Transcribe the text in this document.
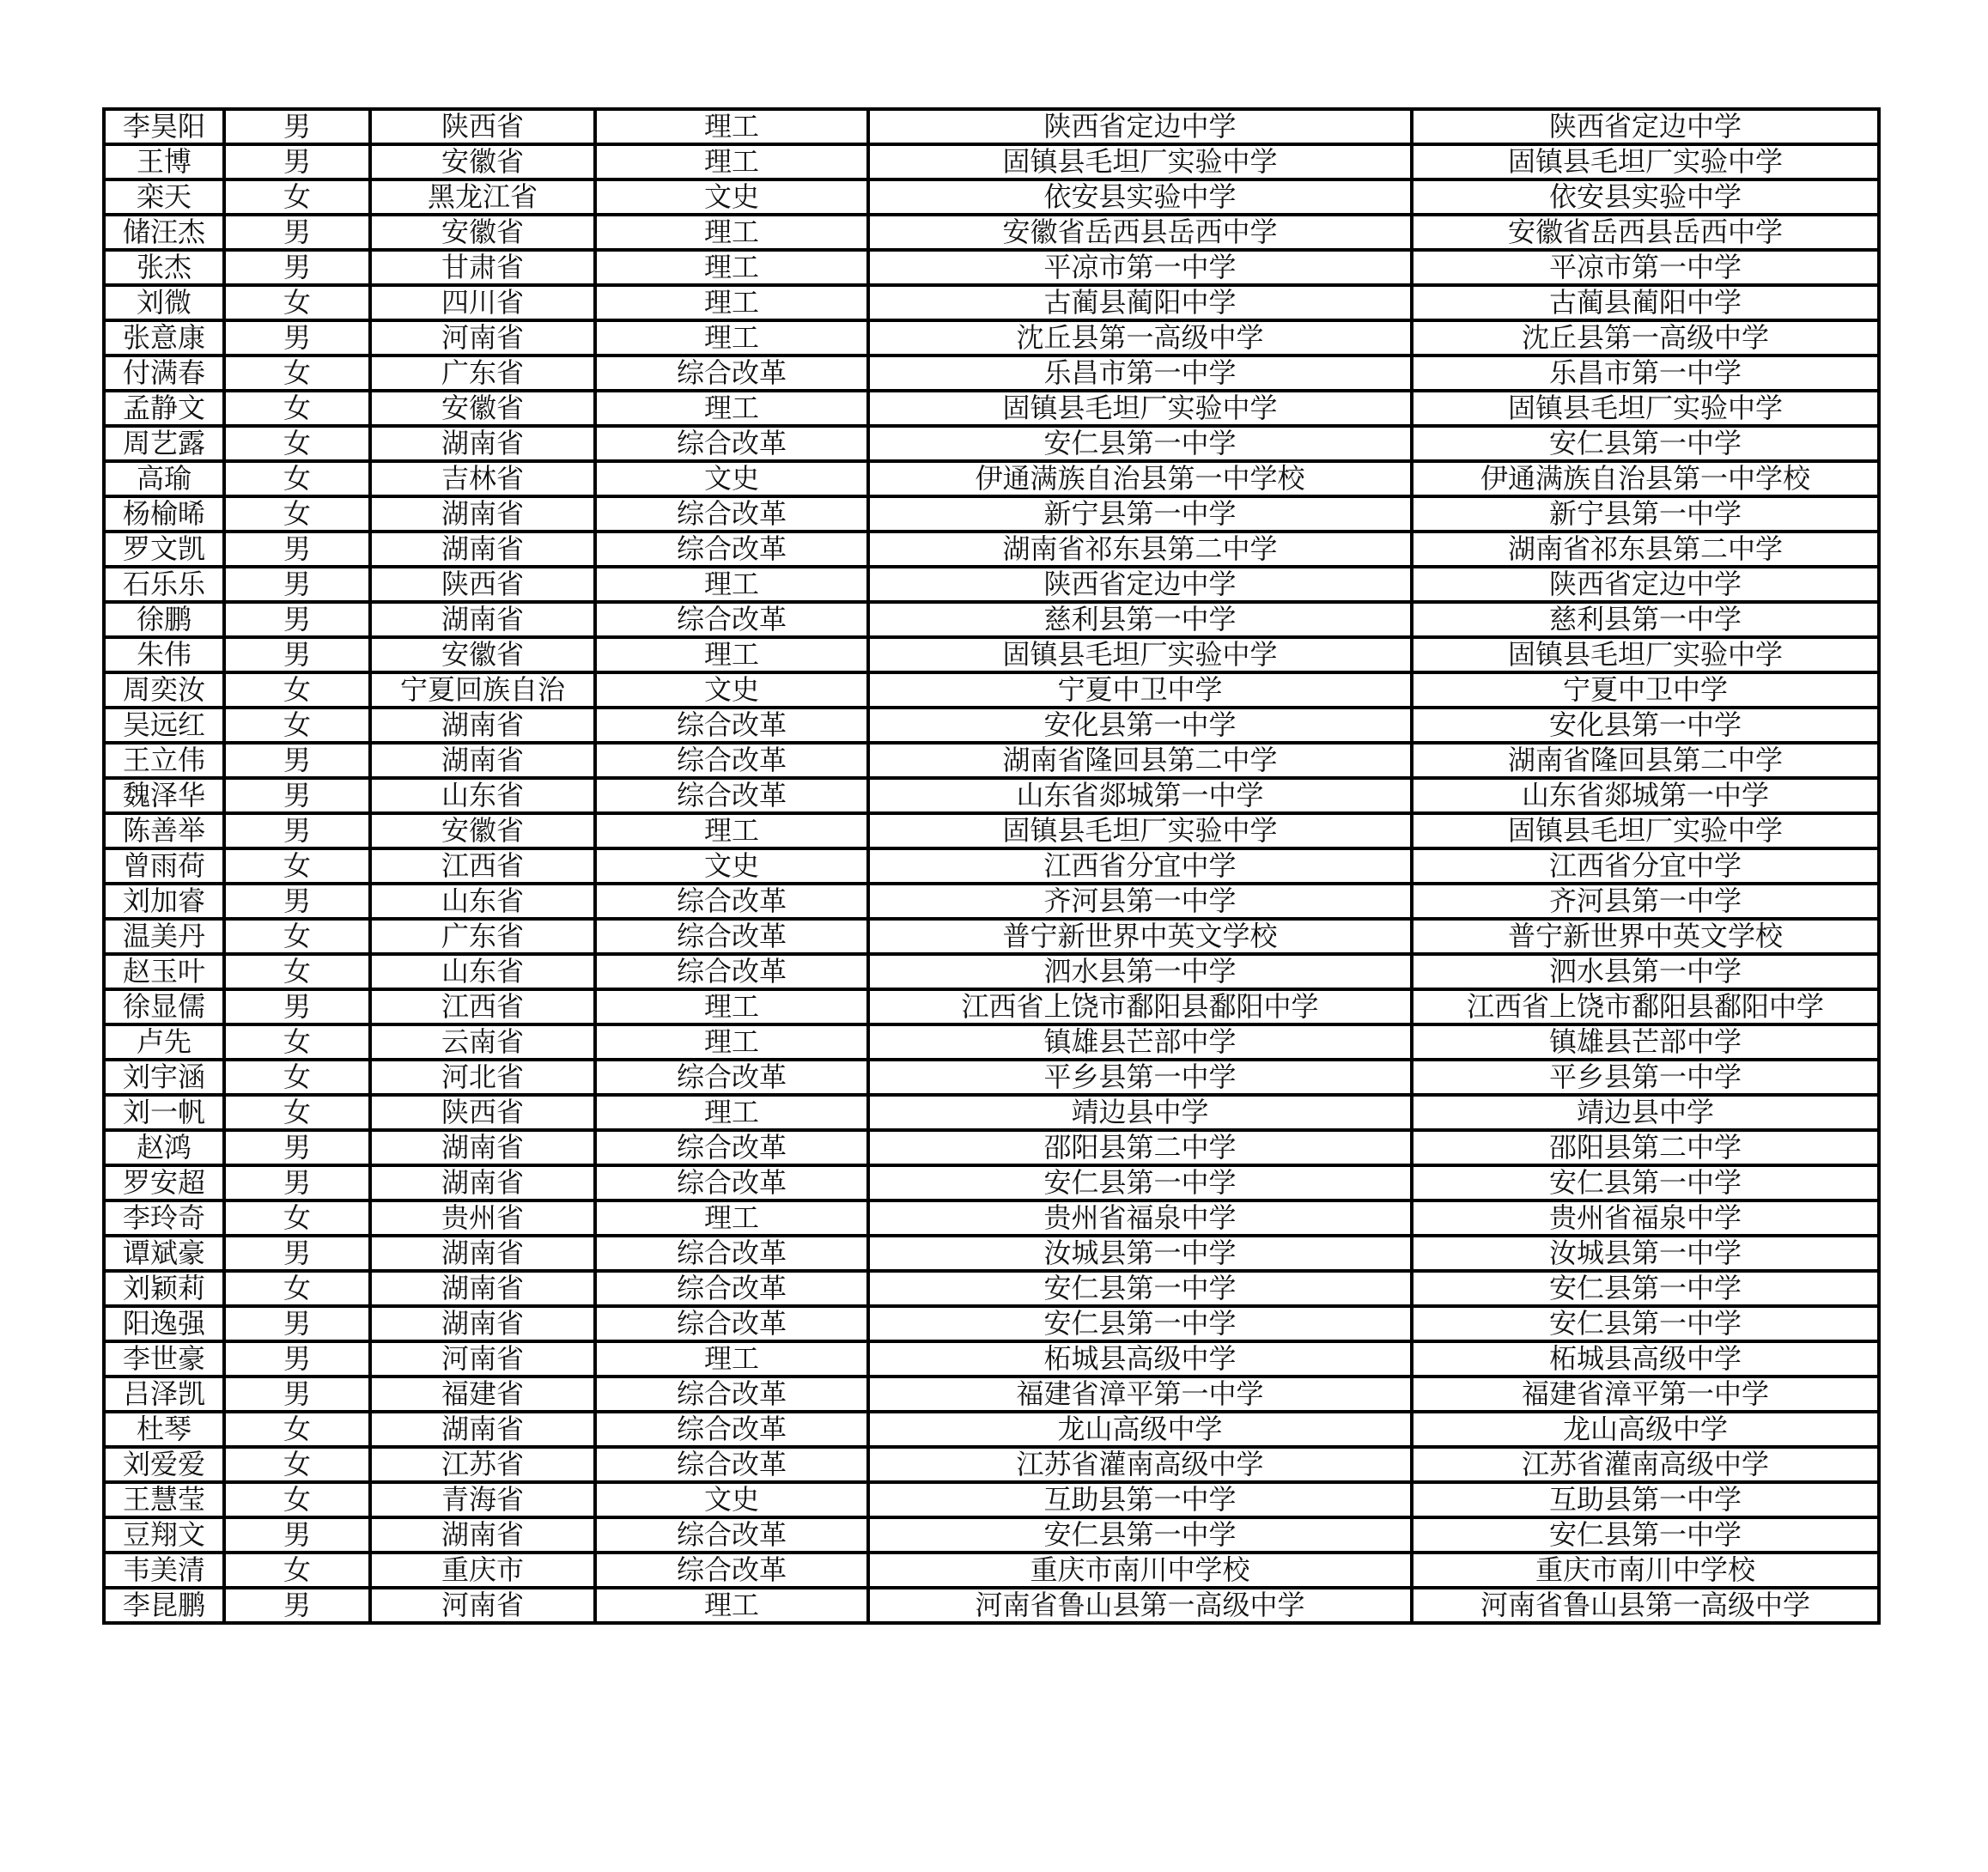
李昊阳	男	陕西省	理工	陕西省定边中学	陕西省定边中学
王博	男	安徽省	理工	固镇县毛坦厂实验中学	固镇县毛坦厂实验中学
栾天	女	黑龙江省	文史	依安县实验中学	依安县实验中学
储汪杰	男	安徽省	理工	安徽省岳西县岳西中学	安徽省岳西县岳西中学
张杰	男	甘肃省	理工	平凉市第一中学	平凉市第一中学
刘微	女	四川省	理工	古蔺县蔺阳中学	古蔺县蔺阳中学
张意康	男	河南省	理工	沈丘县第一高级中学	沈丘县第一高级中学
付满春	女	广东省	综合改革	乐昌市第一中学	乐昌市第一中学
孟静文	女	安徽省	理工	固镇县毛坦厂实验中学	固镇县毛坦厂实验中学
周艺露	女	湖南省	综合改革	安仁县第一中学	安仁县第一中学
高瑜	女	吉林省	文史	伊通满族自治县第一中学校	伊通满族自治县第一中学校
杨榆晞	女	湖南省	综合改革	新宁县第一中学	新宁县第一中学
罗文凯	男	湖南省	综合改革	湖南省祁东县第二中学	湖南省祁东县第二中学
石乐乐	男	陕西省	理工	陕西省定边中学	陕西省定边中学
徐鹏	男	湖南省	综合改革	慈利县第一中学	慈利县第一中学
朱伟	男	安徽省	理工	固镇县毛坦厂实验中学	固镇县毛坦厂实验中学
周奕汝	女	宁夏回族自治	文史	宁夏中卫中学	宁夏中卫中学
吴远红	女	湖南省	综合改革	安化县第一中学	安化县第一中学
王立伟	男	湖南省	综合改革	湖南省隆回县第二中学	湖南省隆回县第二中学
魏泽华	男	山东省	综合改革	山东省郯城第一中学	山东省郯城第一中学
陈善举	男	安徽省	理工	固镇县毛坦厂实验中学	固镇县毛坦厂实验中学
曾雨荷	女	江西省	文史	江西省分宜中学	江西省分宜中学
刘加睿	男	山东省	综合改革	齐河县第一中学	齐河县第一中学
温美丹	女	广东省	综合改革	普宁新世界中英文学校	普宁新世界中英文学校
赵玉叶	女	山东省	综合改革	泗水县第一中学	泗水县第一中学
徐显儒	男	江西省	理工	江西省上饶市鄱阳县鄱阳中学	江西省上饶市鄱阳县鄱阳中学
卢先	女	云南省	理工	镇雄县芒部中学	镇雄县芒部中学
刘宇涵	女	河北省	综合改革	平乡县第一中学	平乡县第一中学
刘一帆	女	陕西省	理工	靖边县中学	靖边县中学
赵鸿	男	湖南省	综合改革	邵阳县第二中学	邵阳县第二中学
罗安超	男	湖南省	综合改革	安仁县第一中学	安仁县第一中学
李玲奇	女	贵州省	理工	贵州省福泉中学	贵州省福泉中学
谭斌豪	男	湖南省	综合改革	汝城县第一中学	汝城县第一中学
刘颖莉	女	湖南省	综合改革	安仁县第一中学	安仁县第一中学
阳逸强	男	湖南省	综合改革	安仁县第一中学	安仁县第一中学
李世豪	男	河南省	理工	柘城县高级中学	柘城县高级中学
吕泽凯	男	福建省	综合改革	福建省漳平第一中学	福建省漳平第一中学
杜琴	女	湖南省	综合改革	龙山高级中学	龙山高级中学
刘爱爱	女	江苏省	综合改革	江苏省灌南高级中学	江苏省灌南高级中学
王慧莹	女	青海省	文史	互助县第一中学	互助县第一中学
豆翔文	男	湖南省	综合改革	安仁县第一中学	安仁县第一中学
韦美清	女	重庆市	综合改革	重庆市南川中学校	重庆市南川中学校
李昆鹏	男	河南省	理工	河南省鲁山县第一高级中学	河南省鲁山县第一高级中学
